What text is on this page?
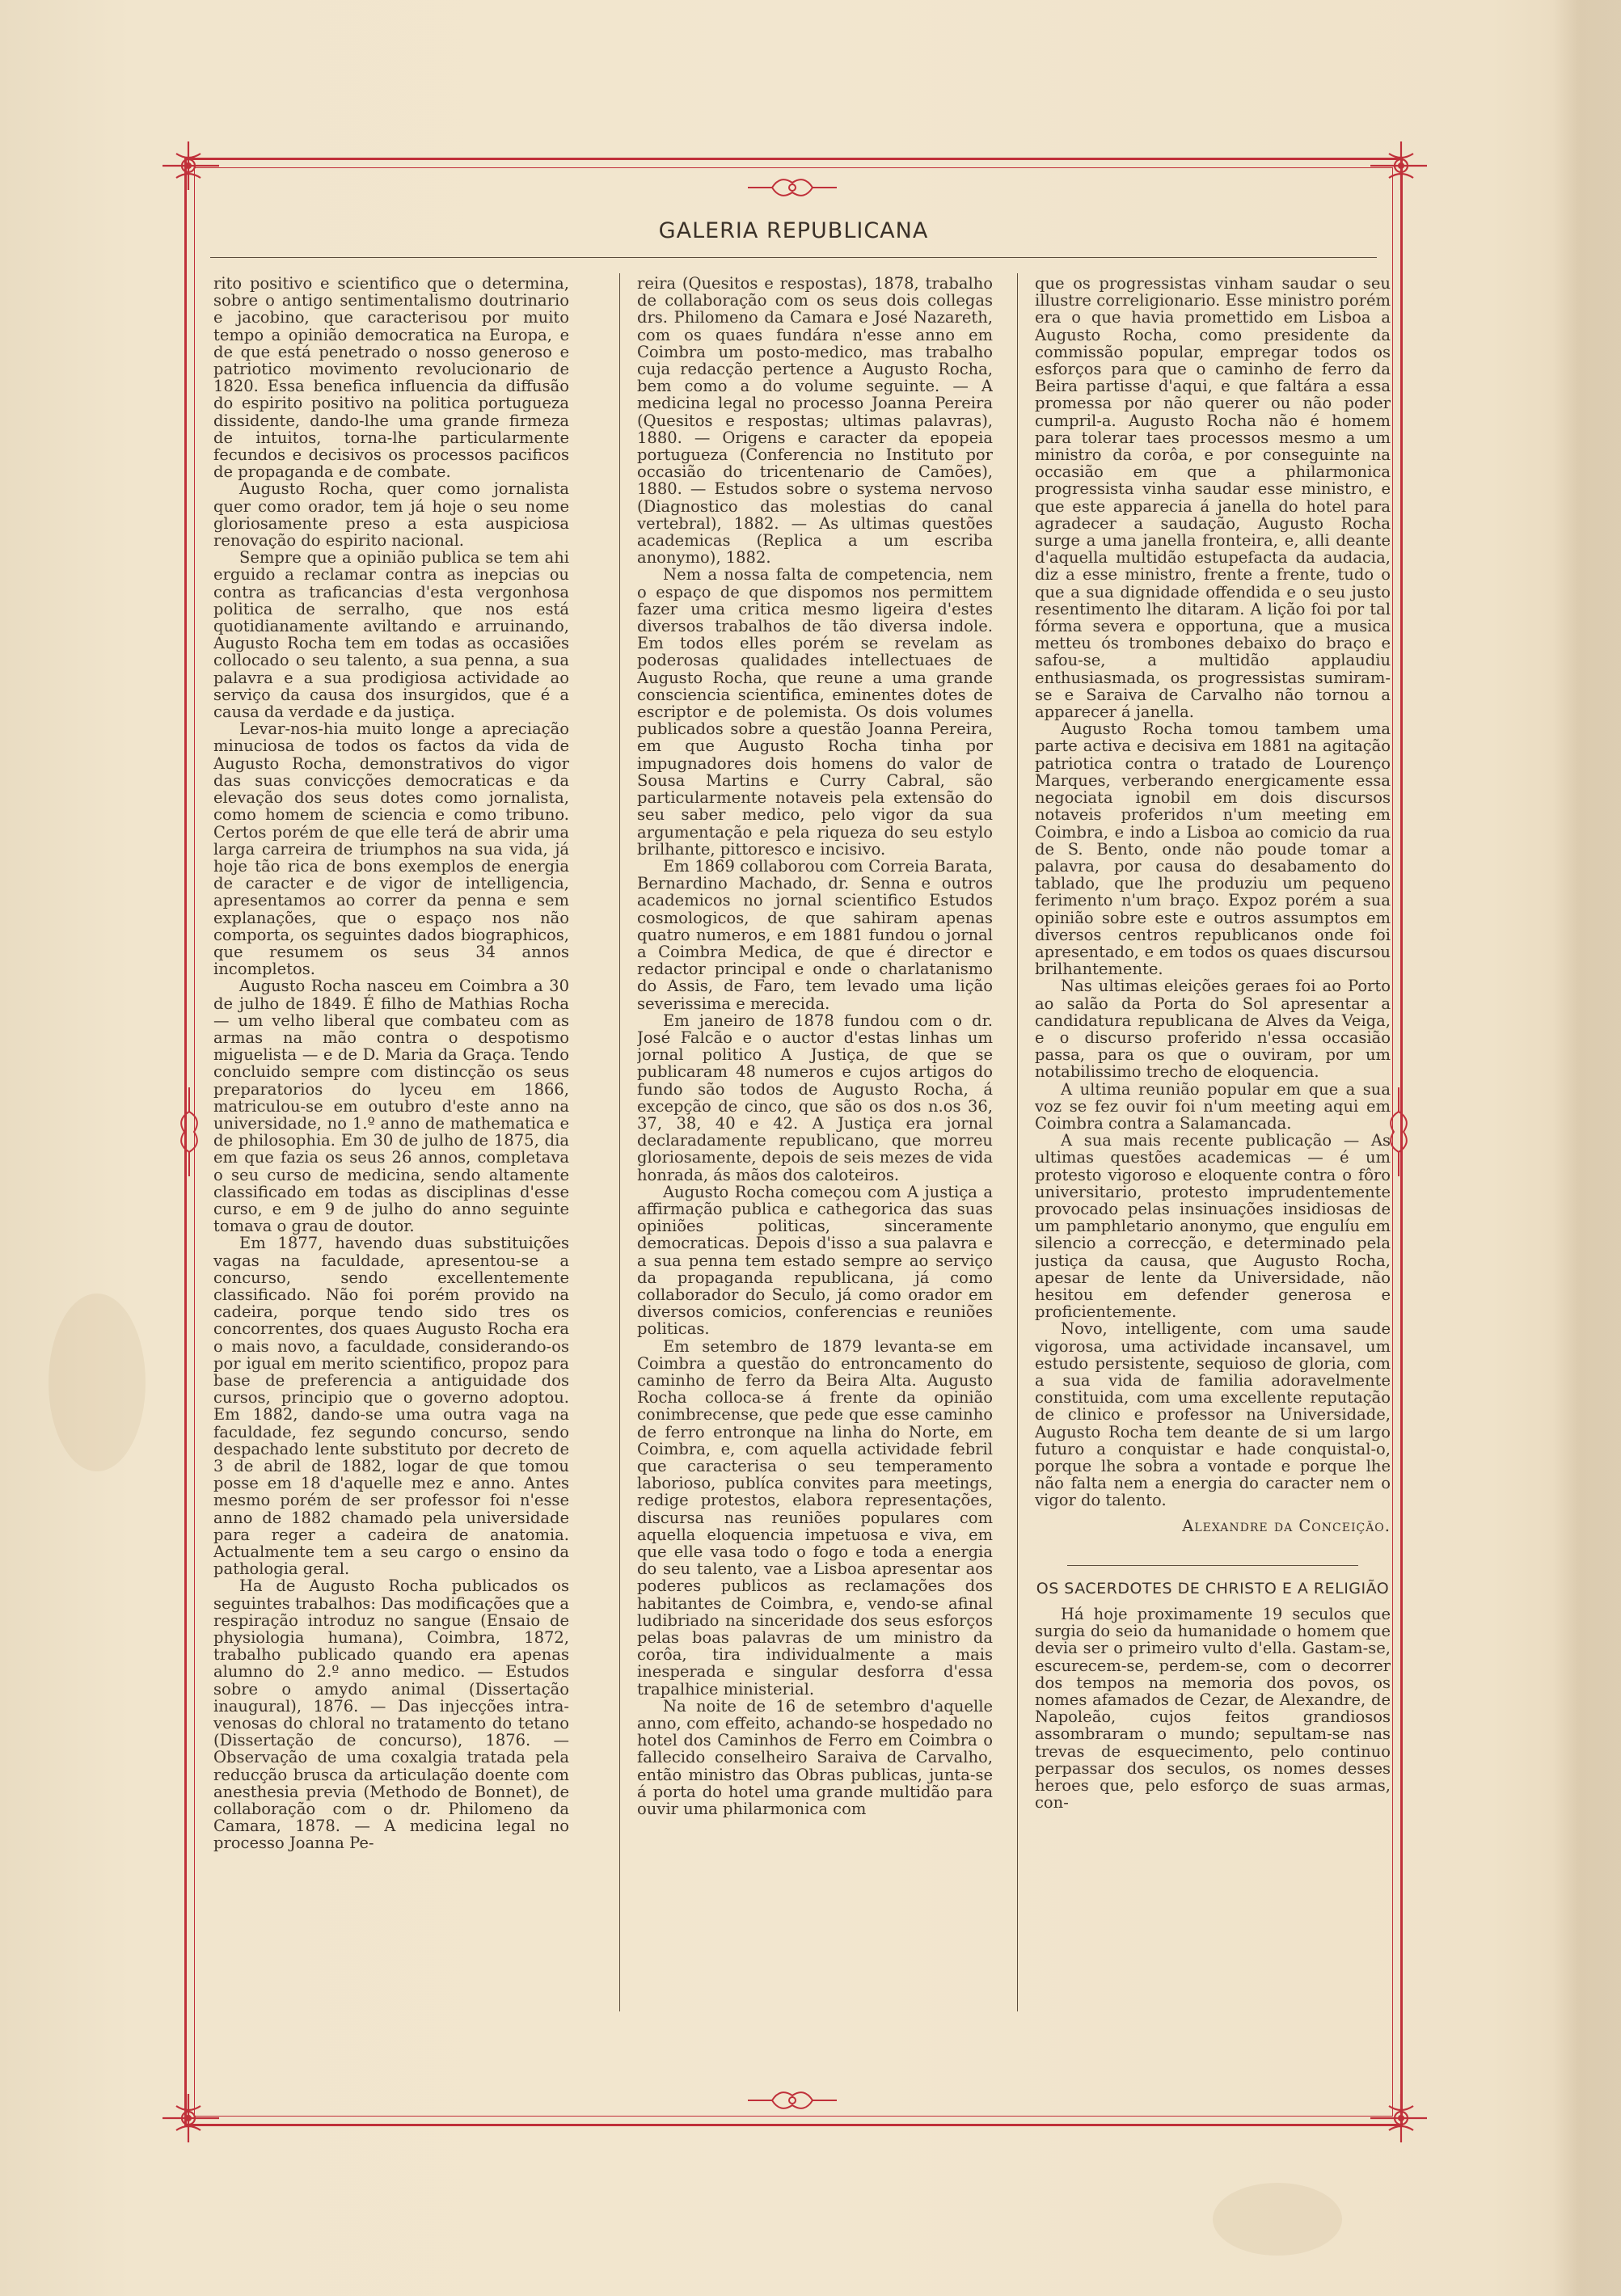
GALERIA REPUBLICANA

rito positivo e scientifico que o determina, sobre o antigo sentimentalismo doutrinario e jacobino, que caracterisou por muito tempo a opinião democratica na Europa, e de que está penetrado o nosso generoso e patriotico movimento revolucionario de 1820. Essa benefica influencia da diffusão do espirito positivo na politica portugueza dissidente, dando-lhe uma grande firmeza de intuitos, torna-lhe particularmente fecundos e decisivos os processos pacificos de propaganda e de combate.

Augusto Rocha, quer como jornalista quer como orador, tem já hoje o seu nome gloriosamente preso a esta auspiciosa renovação do espirito nacional.

Sempre que a opinião publica se tem ahi erguido a reclamar contra as inepcias ou contra as traficancias d'esta vergonhosa politica de serralho, que nos está quotidianamente aviltando e arruinando, Augusto Rocha tem em todas as occasiões collocado o seu talento, a sua penna, a sua palavra e a sua prodigiosa actividade ao serviço da causa dos insurgidos, que é a causa da verdade e da justiça.

Levar-nos-hia muito longe a apreciação minuciosa de todos os factos da vida de Augusto Rocha, demonstrativos do vigor das suas convicções democraticas e da elevação dos seus dotes como jornalista, como homem de sciencia e como tribuno. Certos porém de que elle terá de abrir uma larga carreira de triumphos na sua vida, já hoje tão rica de bons exemplos de energia de caracter e de vigor de intelligencia, apresentamos ao correr da penna e sem explanações, que o espaço nos não comporta, os seguintes dados biographicos, que resumem os seus 34 annos incompletos.

Augusto Rocha nasceu em Coimbra a 30 de julho de 1849. É filho de Mathias Rocha — um velho liberal que combateu com as armas na mão contra o despotismo miguelista — e de D. Maria da Graça. Tendo concluido sempre com distincção os seus preparatorios do lyceu em 1866, matriculou-se em outubro d'este anno na universidade, no 1.º anno de mathematica e de philosophia. Em 30 de julho de 1875, dia em que fazia os seus 26 annos, completava o seu curso de medicina, sendo altamente classificado em todas as disciplinas d'esse curso, e em 9 de julho do anno seguinte tomava o grau de doutor.

Em 1877, havendo duas substituições vagas na faculdade, apresentou-se a concurso, sendo excellentemente classificado. Não foi porém provido na cadeira, porque tendo sido tres os concorrentes, dos quaes Augusto Rocha era o mais novo, a faculdade, considerando-os por igual em merito scientifico, propoz para base de preferencia a antiguidade dos cursos, principio que o governo adoptou. Em 1882, dando-se uma outra vaga na faculdade, fez segundo concurso, sendo despachado lente substituto por decreto de 3 de abril de 1882, logar de que tomou posse em 18 d'aquelle mez e anno. Antes mesmo porém de ser professor foi n'esse anno de 1882 chamado pela universidade para reger a cadeira de anatomia. Actualmente tem a seu cargo o ensino da pathologia geral.

Ha de Augusto Rocha publicados os seguintes trabalhos: Das modificações que a respiração introduz no sangue (Ensaio de physiologia humana), Coimbra, 1872, trabalho publicado quando era apenas alumno do 2.º anno medico. — Estudos sobre o amydo animal (Dissertação inaugural), 1876. — Das injecções intra-venosas do chloral no tratamento do tetano (Dissertação de concurso), 1876. — Observação de uma coxalgia tratada pela reducção brusca da articulação doente com anesthesia previa (Methodo de Bonnet), de collaboração com o dr. Philomeno da Camara, 1878. — A medicina legal no processo Joanna Pe-

reira (Quesitos e respostas), 1878, trabalho de collaboração com os seus dois collegas drs. Philomeno da Camara e José Nazareth, com os quaes fundára n'esse anno em Coimbra um posto-medico, mas trabalho cuja redacção pertence a Augusto Rocha, bem como a do volume seguinte. — A medicina legal no processo Joanna Pereira (Quesitos e respostas; ultimas palavras), 1880. — Origens e caracter da epopeia portugueza (Conferencia no Instituto por occasião do tricentenario de Camões), 1880. — Estudos sobre o systema nervoso (Diagnostico das molestias do canal vertebral), 1882. — As ultimas questões academicas (Replica a um escriba anonymo), 1882.

Nem a nossa falta de competencia, nem o espaço de que dispomos nos permittem fazer uma critica mesmo ligeira d'estes diversos trabalhos de tão diversa indole. Em todos elles porém se revelam as poderosas qualidades intellectuaes de Augusto Rocha, que reune a uma grande consciencia scientifica, eminentes dotes de escriptor e de polemista. Os dois volumes publicados sobre a questão Joanna Pereira, em que Augusto Rocha tinha por impugnadores dois homens do valor de Sousa Martins e Curry Cabral, são particularmente notaveis pela extensão do seu saber medico, pelo vigor da sua argumentação e pela riqueza do seu estylo brilhante, pittoresco e incisivo.

Em 1869 collaborou com Correia Barata, Bernardino Machado, dr. Senna e outros academicos no jornal scientifico Estudos cosmologicos, de que sahiram apenas quatro numeros, e em 1881 fundou o jornal a Coimbra Medica, de que é director e redactor principal e onde o charlatanismo do Assis, de Faro, tem levado uma lição severissima e merecida.

Em janeiro de 1878 fundou com o dr. José Falcão e o auctor d'estas linhas um jornal politico A Justiça, de que se publicaram 48 numeros e cujos artigos do fundo são todos de Augusto Rocha, á excepção de cinco, que são os dos n.os 36, 37, 38, 40 e 42. A Justiça era jornal declaradamente republicano, que morreu gloriosamente, depois de seis mezes de vida honrada, ás mãos dos caloteiros.

Augusto Rocha começou com A justiça a affirmação publica e cathegorica das suas opiniões politicas, sinceramente democraticas. Depois d'isso a sua palavra e a sua penna tem estado sempre ao serviço da propaganda republicana, já como collaborador do Seculo, já como orador em diversos comicios, conferencias e reuniões politicas.

Em setembro de 1879 levanta-se em Coimbra a questão do entroncamento do caminho de ferro da Beira Alta. Augusto Rocha colloca-se á frente da opinião conimbrecense, que pede que esse caminho de ferro entronque na linha do Norte, em Coimbra, e, com aquella actividade febril que caracterisa o seu temperamento laborioso, publíca convites para meetings, redige protestos, elabora representações, discursa nas reuniões populares com aquella eloquencia impetuosa e viva, em que elle vasa todo o fogo e toda a energia do seu talento, vae a Lisboa apresentar aos poderes publicos as reclamações dos habitantes de Coimbra, e, vendo-se afinal ludibriado na sinceridade dos seus esforços pelas boas palavras de um ministro da corôa, tira individualmente a mais inesperada e singular desforra d'essa trapalhice ministerial.

Na noite de 16 de setembro d'aquelle anno, com effeito, achando-se hospedado no hotel dos Caminhos de Ferro em Coimbra o fallecido conselheiro Saraiva de Carvalho, então ministro das Obras publicas, junta-se á porta do hotel uma grande multidão para ouvir uma philarmonica com

que os progressistas vinham saudar o seu illustre correligionario. Esse ministro porém era o que havia promettido em Lisboa a Augusto Rocha, como presidente da commissão popular, empregar todos os esforços para que o caminho de ferro da Beira partisse d'aqui, e que faltára a essa promessa por não querer ou não poder cumpril-a. Augusto Rocha não é homem para tolerar taes processos mesmo a um ministro da corôa, e por conseguinte na occasião em que a philarmonica progressista vinha saudar esse ministro, e que este apparecia á janella do hotel para agradecer a saudação, Augusto Rocha surge a uma janella fronteira, e, alli deante d'aquella multidão estupefacta da audacia, diz a esse ministro, frente a frente, tudo o que a sua dignidade offendida e o seu justo resentimento lhe ditaram. A lição foi por tal fórma severa e opportuna, que a musica metteu ós trombones debaixo do braço e safou-se, a multidão applaudiu enthusiasmada, os progressistas sumiram-se e Saraiva de Carvalho não tornou a apparecer á janella.

Augusto Rocha tomou tambem uma parte activa e decisiva em 1881 na agitação patriotica contra o tratado de Lourenço Marques, verberando energicamente essa negociata ignobil em dois discursos notaveis proferidos n'um meeting em Coimbra, e indo a Lisboa ao comicio da rua de S. Bento, onde não poude tomar a palavra, por causa do desabamento do tablado, que lhe produziu um pequeno ferimento n'um braço. Expoz porém a sua opinião sobre este e outros assumptos em diversos centros republicanos onde foi apresentado, e em todos os quaes discursou brilhantemente.

Nas ultimas eleições geraes foi ao Porto ao salão da Porta do Sol apresentar a candidatura republicana de Alves da Veiga, e o discurso proferido n'essa occasião passa, para os que o ouviram, por um notabilissimo trecho de eloquencia.

A ultima reunião popular em que a sua voz se fez ouvir foi n'um meeting aqui em Coimbra contra a Salamancada.

A sua mais recente publicação — As ultimas questões academicas — é um protesto vigoroso e eloquente contra o fôro universitario, protesto imprudentemente provocado pelas insinuações insidiosas de um pamphletario anonymo, que engulíu em silencio a correcção, e determinado pela justiça da causa, que Augusto Rocha, apesar de lente da Universidade, não hesitou em defender generosa e proficientemente.

Novo, intelligente, com uma saude vigorosa, uma actividade incansavel, um estudo persistente, sequioso de gloria, com a sua vida de familia adoravelmente constituida, com uma excellente reputação de clinico e professor na Universidade, Augusto Rocha tem deante de si um largo futuro a conquistar e hade conquistal-o, porque lhe sobra a vontade e porque lhe não falta nem a energia do caracter nem o vigor do talento.

Alexandre da Conceição.
OS SACERDOTES DE CHRISTO E A RELIGIÃO

Há hoje proximamente 19 seculos que surgia do seio da humanidade o homem que devia ser o primeiro vulto d'ella. Gastam-se, escurecem-se, perdem-se, com o decorrer dos tempos na memoria dos povos, os nomes afamados de Cezar, de Alexandre, de Napoleão, cujos feitos grandiosos assombraram o mundo; sepultam-se nas trevas de esquecimento, pelo continuo perpassar dos seculos, os nomes desses heroes que, pelo esforço de suas armas, con-
